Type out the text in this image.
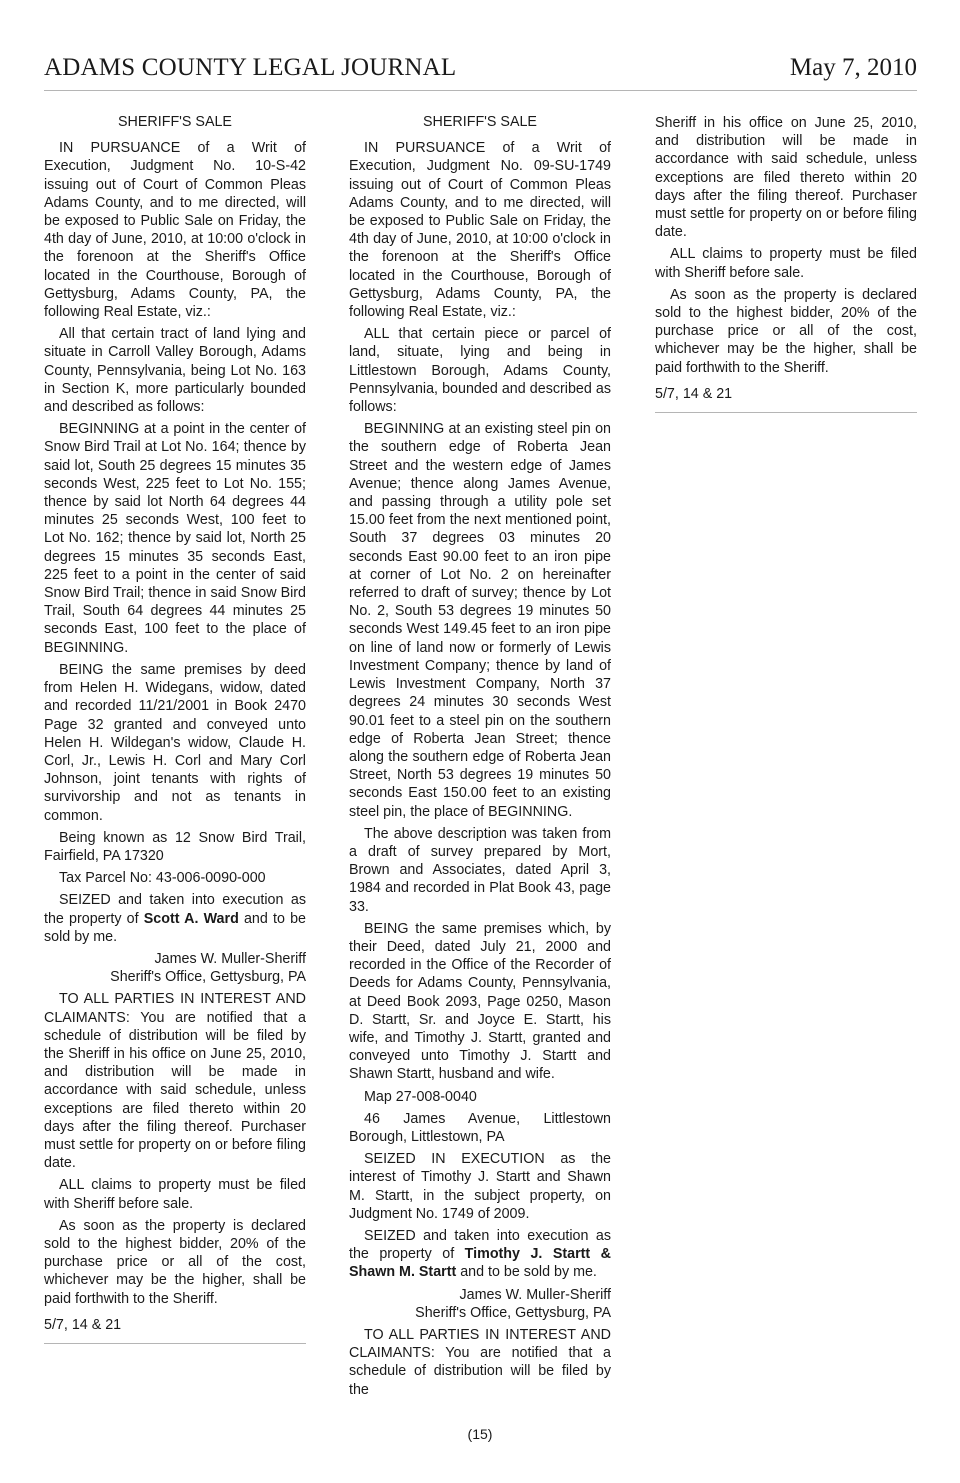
ADAMS COUNTY LEGAL JOURNAL	May 7, 2010

SHERIFF'S SALE

IN PURSUANCE of a Writ of Execution, Judgment No. 10-S-42 issuing out of Court of Common Pleas Adams County, and to me directed, will be exposed to Public Sale on Friday, the 4th day of June, 2010, at 10:00 o'clock in the forenoon at the Sheriff's Office located in the Courthouse, Borough of Gettysburg, Adams County, PA, the following Real Estate, viz.:

All that certain tract of land lying and situate in Carroll Valley Borough, Adams County, Pennsylvania, being Lot No. 163 in Section K, more particularly bounded and described as follows:

BEGINNING at a point in the center of Snow Bird Trail at Lot No. 164; thence by said lot, South 25 degrees 15 minutes 35 seconds West, 225 feet to Lot No. 155; thence by said lot North 64 degrees 44 minutes 25 seconds West, 100 feet to Lot No. 162; thence by said lot, North 25 degrees 15 minutes 35 seconds East, 225 feet to a point in the center of said Snow Bird Trail; thence in said Snow Bird Trail, South 64 degrees 44 minutes 25 seconds East, 100 feet to the place of BEGINNING.

BEING the same premises by deed from Helen H. Widegans, widow, dated and recorded 11/21/2001 in Book 2470 Page 32 granted and conveyed unto Helen H. Wildegan's widow, Claude H. Corl, Jr., Lewis H. Corl and Mary Corl Johnson, joint tenants with rights of survivorship and not as tenants in common.

Being known as 12 Snow Bird Trail, Fairfield, PA 17320

Tax Parcel No: 43-006-0090-000

SEIZED and taken into execution as the property of Scott A. Ward and to be sold by me.

James W. Muller-Sheriff
Sheriff's Office, Gettysburg, PA

TO ALL PARTIES IN INTEREST AND CLAIMANTS: You are notified that a schedule of distribution will be filed by the Sheriff in his office on June 25, 2010, and distribution will be made in accordance with said schedule, unless exceptions are filed thereto within 20 days after the filing thereof. Purchaser must settle for property on or before filing date.

ALL claims to property must be filed with Sheriff before sale.

As soon as the property is declared sold to the highest bidder, 20% of the purchase price or all of the cost, whichever may be the higher, shall be paid forthwith to the Sheriff.

5/7, 14 & 21

SHERIFF'S SALE

IN PURSUANCE of a Writ of Execution, Judgment No. 09-SU-1749 issuing out of Court of Common Pleas Adams County, and to me directed, will be exposed to Public Sale on Friday, the 4th day of June, 2010, at 10:00 o'clock in the forenoon at the Sheriff's Office located in the Courthouse, Borough of Gettysburg, Adams County, PA, the following Real Estate, viz.:

ALL that certain piece or parcel of land, situate, lying and being in Littlestown Borough, Adams County, Pennsylvania, bounded and described as follows:

BEGINNING at an existing steel pin on the southern edge of Roberta Jean Street and the western edge of James Avenue; thence along James Avenue, and passing through a utility pole set 15.00 feet from the next mentioned point, South 37 degrees 03 minutes 20 seconds East 90.00 feet to an iron pipe at corner of Lot No. 2 on hereinafter referred to draft of survey; thence by Lot No. 2, South 53 degrees 19 minutes 50 seconds West 149.45 feet to an iron pipe on line of land now or formerly of Lewis Investment Company; thence by land of Lewis Investment Company, North 37 degrees 24 minutes 30 seconds West 90.01 feet to a steel pin on the southern edge of Roberta Jean Street; thence along the southern edge of Roberta Jean Street, North 53 degrees 19 minutes 50 seconds East 150.00 feet to an existing steel pin, the place of BEGINNING.

The above description was taken from a draft of survey prepared by Mort, Brown and Associates, dated April 3, 1984 and recorded in Plat Book 43, page 33.

BEING the same premises which, by their Deed, dated July 21, 2000 and recorded in the Office of the Recorder of Deeds for Adams County, Pennsylvania, at Deed Book 2093, Page 0250, Mason D. Startt, Sr. and Joyce E. Startt, his wife, and Timothy J. Startt, granted and conveyed unto Timothy J. Startt and Shawn Startt, husband and wife.

Map 27-008-0040

46 James Avenue, Littlestown Borough, Littlestown, PA

SEIZED IN EXECUTION as the interest of Timothy J. Startt and Shawn M. Startt, in the subject property, on Judgment No. 1749 of 2009.

SEIZED and taken into execution as the property of Timothy J. Startt & Shawn M. Startt and to be sold by me.

James W. Muller-Sheriff
Sheriff's Office, Gettysburg, PA

TO ALL PARTIES IN INTEREST AND CLAIMANTS: You are notified that a schedule of distribution will be filed by the

Sheriff in his office on June 25, 2010, and distribution will be made in accordance with said schedule, unless exceptions are filed thereto within 20 days after the filing thereof. Purchaser must settle for property on or before filing date.

ALL claims to property must be filed with Sheriff before sale.

As soon as the property is declared sold to the highest bidder, 20% of the purchase price or all of the cost, whichever may be the higher, shall be paid forthwith to the Sheriff.

5/7, 14 & 21

(15)
